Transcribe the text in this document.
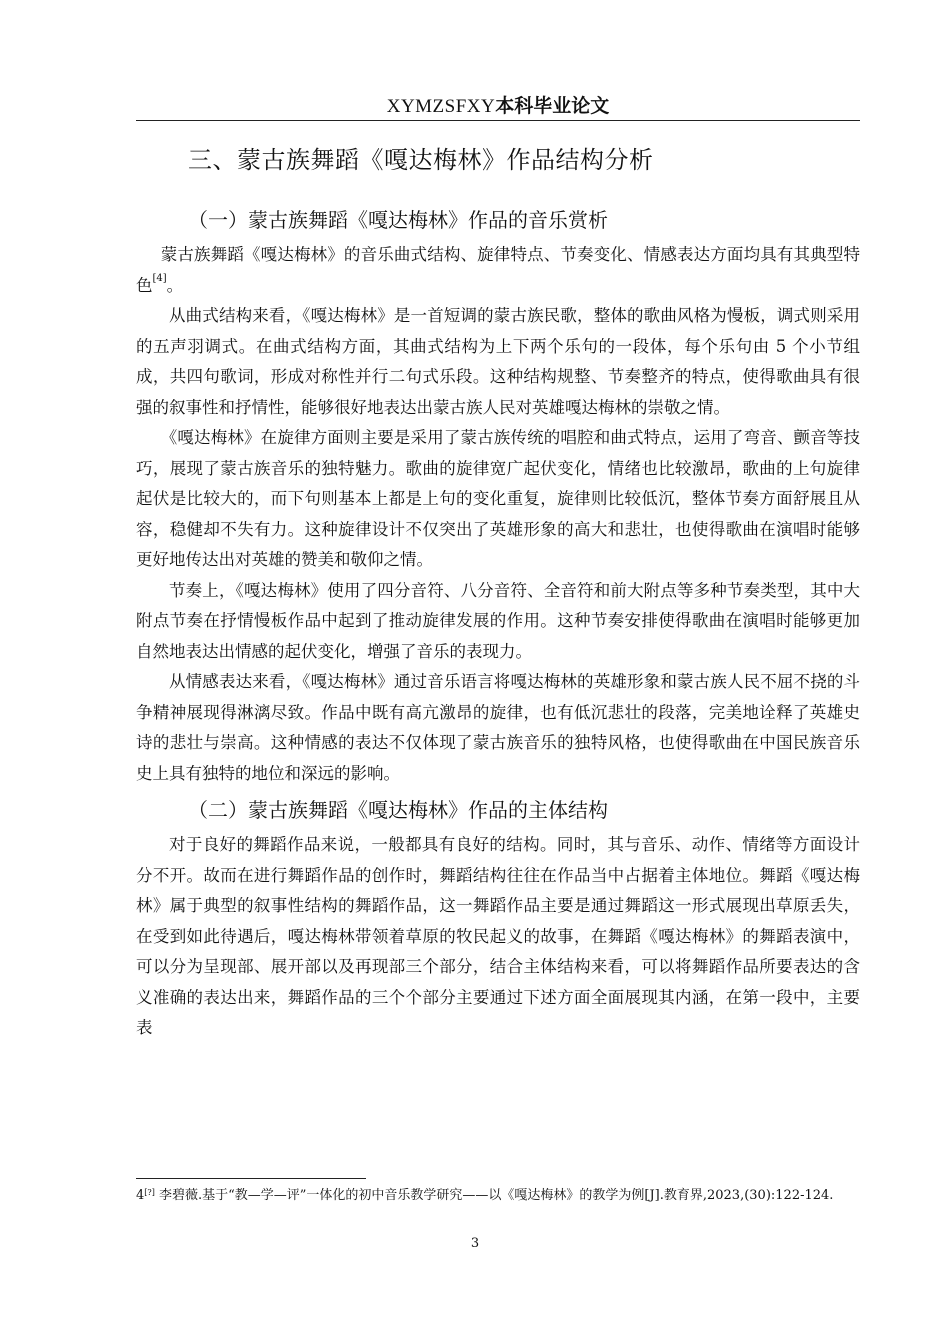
XYMZSFXY本科毕业论文
三、蒙古族舞蹈《嘎达梅林》作品结构分析
（一）蒙古族舞蹈《嘎达梅林》作品的音乐赏析

蒙古族舞蹈《嘎达梅林》的音乐曲式结构、旋律特点、节奏变化、情感表达方面均具有其典型特色[4]。

从曲式结构来看，《嘎达梅林》是一首短调的蒙古族民歌，整体的歌曲风格为慢板，调式则采用的五声羽调式。在曲式结构方面，其曲式结构为上下两个乐句的一段体，每个乐句由 5 个小节组成，共四句歌词，形成对称性并行二句式乐段。这种结构规整、节奏整齐的特点，使得歌曲具有很强的叙事性和抒情性，能够很好地表达出蒙古族人民对英雄嘎达梅林的崇敬之情。

《嘎达梅林》在旋律方面则主要是采用了蒙古族传统的唱腔和曲式特点，运用了弯音、颤音等技巧，展现了蒙古族音乐的独特魅力。歌曲的旋律宽广起伏变化，情绪也比较激昂，歌曲的上句旋律起伏是比较大的，而下句则基本上都是上句的变化重复，旋律则比较低沉，整体节奏方面舒展且从容，稳健却不失有力。这种旋律设计不仅突出了英雄形象的高大和悲壮，也使得歌曲在演唱时能够更好地传达出对英雄的赞美和敬仰之情。

节奏上，《嘎达梅林》使用了四分音符、八分音符、全音符和前大附点等多种节奏类型，其中大附点节奏在抒情慢板作品中起到了推动旋律发展的作用。这种节奏安排使得歌曲在演唱时能够更加自然地表达出情感的起伏变化，增强了音乐的表现力。

从情感表达来看，《嘎达梅林》通过音乐语言将嘎达梅林的英雄形象和蒙古族人民不屈不挠的斗争精神展现得淋漓尽致。作品中既有高亢激昂的旋律，也有低沉悲壮的段落，完美地诠释了英雄史诗的悲壮与崇高。这种情感的表达不仅体现了蒙古族音乐的独特风格，也使得歌曲在中国民族音乐史上具有独特的地位和深远的影响。

（二）蒙古族舞蹈《嘎达梅林》作品的主体结构

对于良好的舞蹈作品来说，一般都具有良好的结构。同时，其与音乐、动作、情绪等方面设计分不开。故而在进行舞蹈作品的创作时，舞蹈结构往往在作品当中占据着主体地位。舞蹈《嘎达梅林》属于典型的叙事性结构的舞蹈作品，这一舞蹈作品主要是通过舞蹈这一形式展现出草原丢失，在受到如此待遇后，嘎达梅林带领着草原的牧民起义的故事，在舞蹈《嘎达梅林》的舞蹈表演中，可以分为呈现部、展开部以及再现部三个部分，结合主体结构来看，可以将舞蹈作品所要表达的含义准确的表达出来，舞蹈作品的三个个部分主要通过下述方面全面展现其内涵，在第一段中，主要表

4[?] 李碧薇.基于“教—学—评”一体化的初中音乐教学研究——以《嘎达梅林》的教学为例[J].教育界,2023,(30):122-124.
3
